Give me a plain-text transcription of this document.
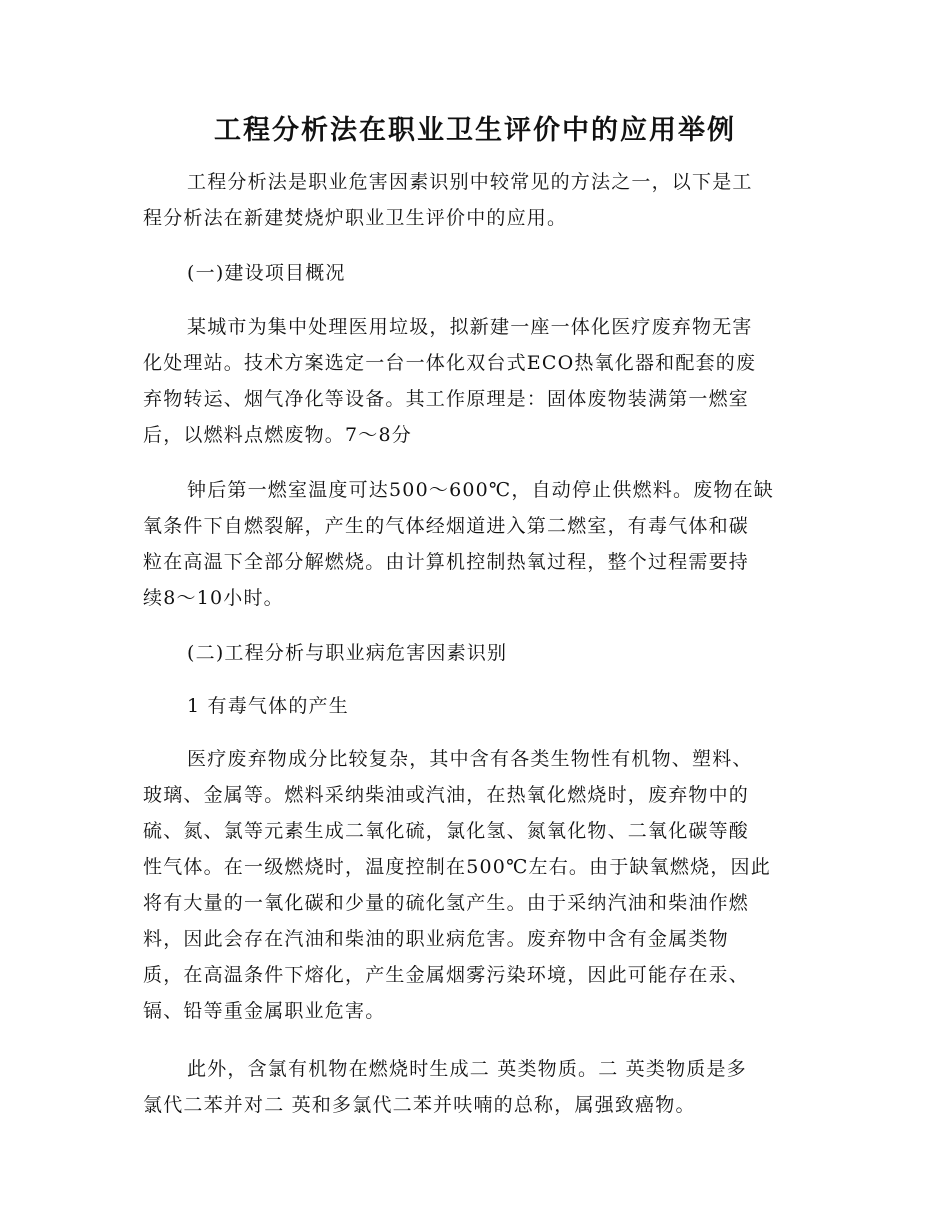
工程分析法在职业卫生评价中的应用举例

工程分析法是职业危害因素识别中较常见的方法之一，以下是工
程分析法在新建焚烧炉职业卫生评价中的应用。

(一)建设项目概况

某城市为集中处理医用垃圾，拟新建一座一体化医疗废弃物无害
化处理站。技术方案选定一台一体化双台式ECO热氧化器和配套的废
弃物转运、烟气净化等设备。其工作原理是：固体废物装满第一燃室
后，以燃料点燃废物。7～8分

钟后第一燃室温度可达500～600℃，自动停止供燃料。废物在缺
氧条件下自燃裂解，产生的气体经烟道进入第二燃室，有毒气体和碳
粒在高温下全部分解燃烧。由计算机控制热氧过程，整个过程需要持
续8～10小时。

(二)工程分析与职业病危害因素识别

1 有毒气体的产生

医疗废弃物成分比较复杂，其中含有各类生物性有机物、塑料、
玻璃、金属等。燃料采纳柴油或汽油，在热氧化燃烧时，废弃物中的
硫、氮、氯等元素生成二氧化硫，氯化氢、氮氧化物、二氧化碳等酸
性气体。在一级燃烧时，温度控制在500℃左右。由于缺氧燃烧，因此
将有大量的一氧化碳和少量的硫化氢产生。由于采纳汽油和柴油作燃
料，因此会存在汽油和柴油的职业病危害。废弃物中含有金属类物
质，在高温条件下熔化，产生金属烟雾污染环境，因此可能存在汞、
镉、铅等重金属职业危害。

此外，含氯有机物在燃烧时生成二 英类物质。二 英类物质是多
氯代二苯并对二 英和多氯代二苯并呋喃的总称，属强致癌物。
